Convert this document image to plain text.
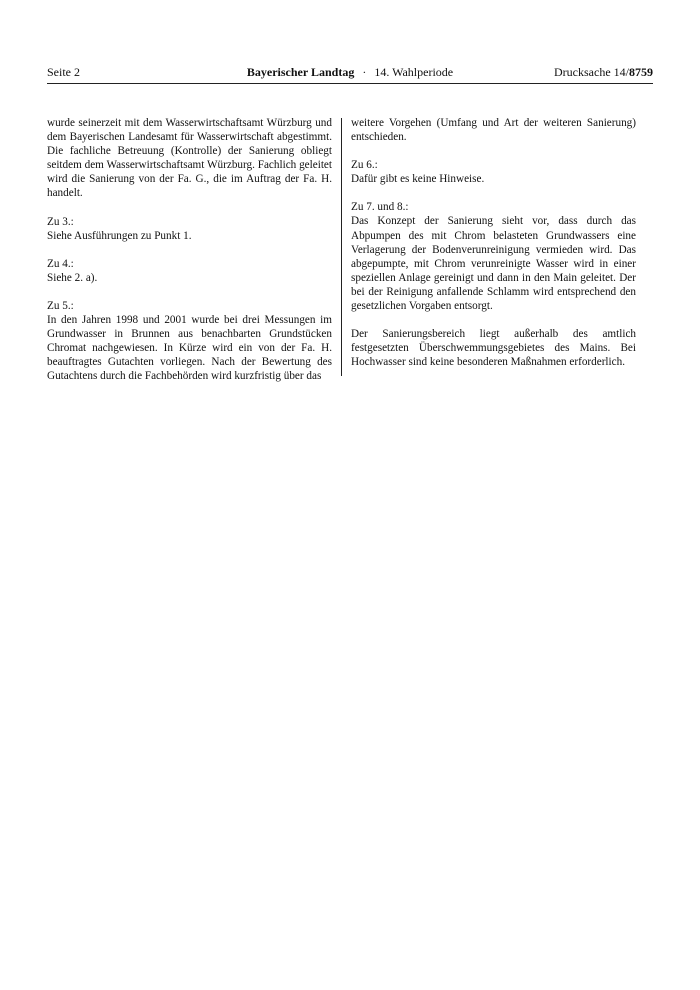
Seite 2	Bayerischer Landtag · 14. Wahlperiode	Drucksache 14/8759

wurde seinerzeit mit dem Wasserwirtschaftsamt Würzburg und dem Bayerischen Landesamt für Wasserwirtschaft abgestimmt. Die fachliche Betreuung (Kontrolle) der Sanierung obliegt seitdem dem Wasserwirtschaftsamt Würzburg. Fachlich geleitet wird die Sanierung von der Fa. G., die im Auftrag der Fa. H. handelt.

Zu 3.:

Siehe Ausführungen zu Punkt 1.

Zu 4.:

Siehe 2. a).

Zu 5.:

In den Jahren 1998 und 2001 wurde bei drei Messungen im Grundwasser in Brunnen aus benachbarten Grundstücken Chromat nachgewiesen. In Kürze wird ein von der Fa. H. beauftragtes Gutachten vorliegen. Nach der Bewertung des Gutachtens durch die Fachbehörden wird kurzfristig über das

weitere Vorgehen (Umfang und Art der weiteren Sanierung) entschieden.

Zu 6.:

Dafür gibt es keine Hinweise.

Zu 7. und 8.:

Das Konzept der Sanierung sieht vor, dass durch das Abpumpen des mit Chrom belasteten Grundwassers eine Verlagerung der Bodenverunreinigung vermieden wird. Das abgepumpte, mit Chrom verunreinigte Wasser wird in einer speziellen Anlage gereinigt und dann in den Main geleitet. Der bei der Reinigung anfallende Schlamm wird entsprechend den gesetzlichen Vorgaben entsorgt.

Der Sanierungsbereich liegt außerhalb des amtlich festgesetzten Überschwemmungsgebietes des Mains. Bei Hochwasser sind keine besonderen Maßnahmen erforderlich.
